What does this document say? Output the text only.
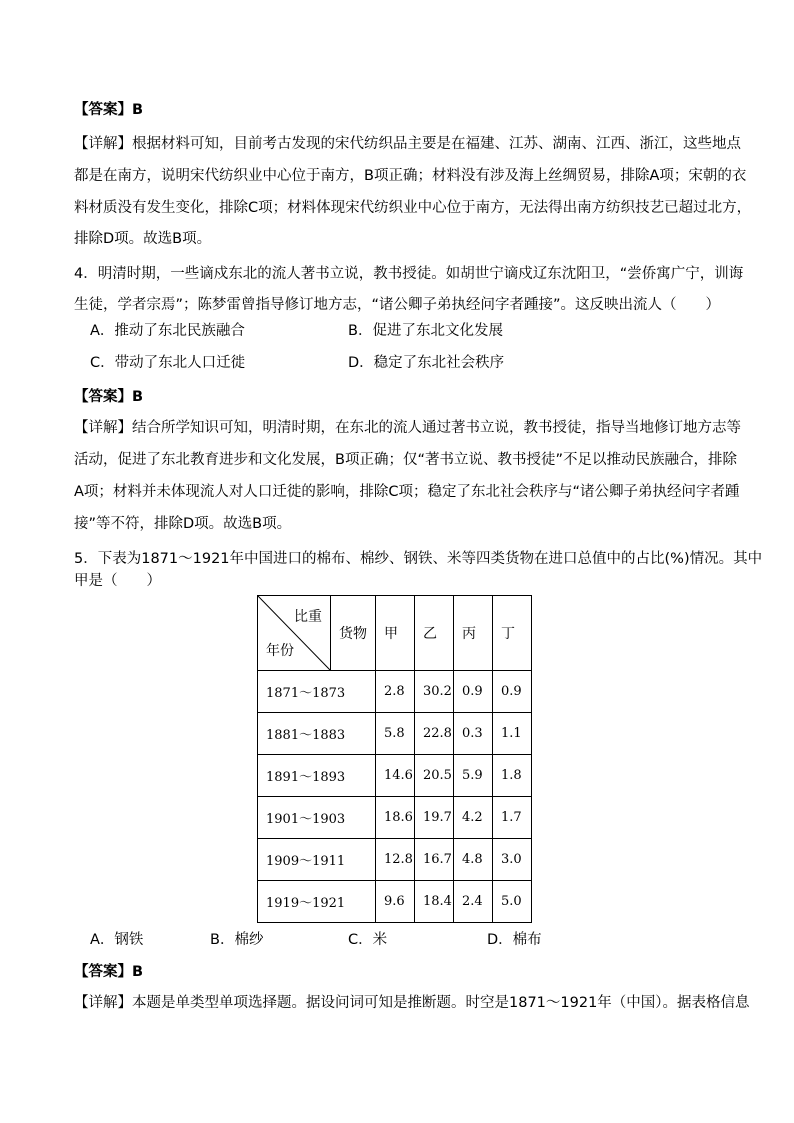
【答案】B
【详解】根据材料可知，目前考古发现的宋代纺织品主要是在福建、江苏、湖南、江西、浙江，这些地点
都是在南方，说明宋代纺织业中心位于南方，B项正确；材料没有涉及海上丝绸贸易，排除A项；宋朝的衣
料材质没有发生变化，排除C项；材料体现宋代纺织业中心位于南方，无法得出南方纺织技艺已超过北方，
排除D项。故选B项。
4．明清时期，一些谪戍东北的流人著书立说，教书授徒。如胡世宁谪戍辽东沈阳卫，“尝侨寓广宁，训诲
生徒，学者宗焉”；陈梦雷曾指导修订地方志，“诸公卿子弟执经问字者踵接”。这反映出流人（　　）
A．推动了东北民族融合	B．促进了东北文化发展
C．带动了东北人口迁徙	D．稳定了东北社会秩序
【答案】B
【详解】结合所学知识可知，明清时期，在东北的流人通过著书立说，教书授徒，指导当地修订地方志等
活动，促进了东北教育进步和文化发展，B项正确；仅“著书立说、教书授徒”不足以推动民族融合，排除
A项；材料并未体现流人对人口迁徙的影响，排除C项；稳定了东北社会秩序与“诸公卿子弟执经问字者踵
接”等不符，排除D项。故选B项。
5．下表为1871～1921年中国进口的棉布、棉纱、钢铁、米等四类货物在进口总值中的占比(%)情况。其中
甲是（　　）
比重
年份	货物	甲	乙	丙	丁
1871～1873		2.8	30.2	0.9	0.9
1881～1883		5.8	22.8	0.3	1.1
1891～1893		14.6	20.5	5.9	1.8
1901～1903		18.6	19.7	4.2	1.7
1909～1911		12.8	16.7	4.8	3.0
1919～1921		9.6	18.4	2.4	5.0
A．钢铁	B．棉纱	C．米	D．棉布
【答案】B
【详解】本题是单类型单项选择题。据设问词可知是推断题。时空是1871～1921年（中国）。据表格信息
